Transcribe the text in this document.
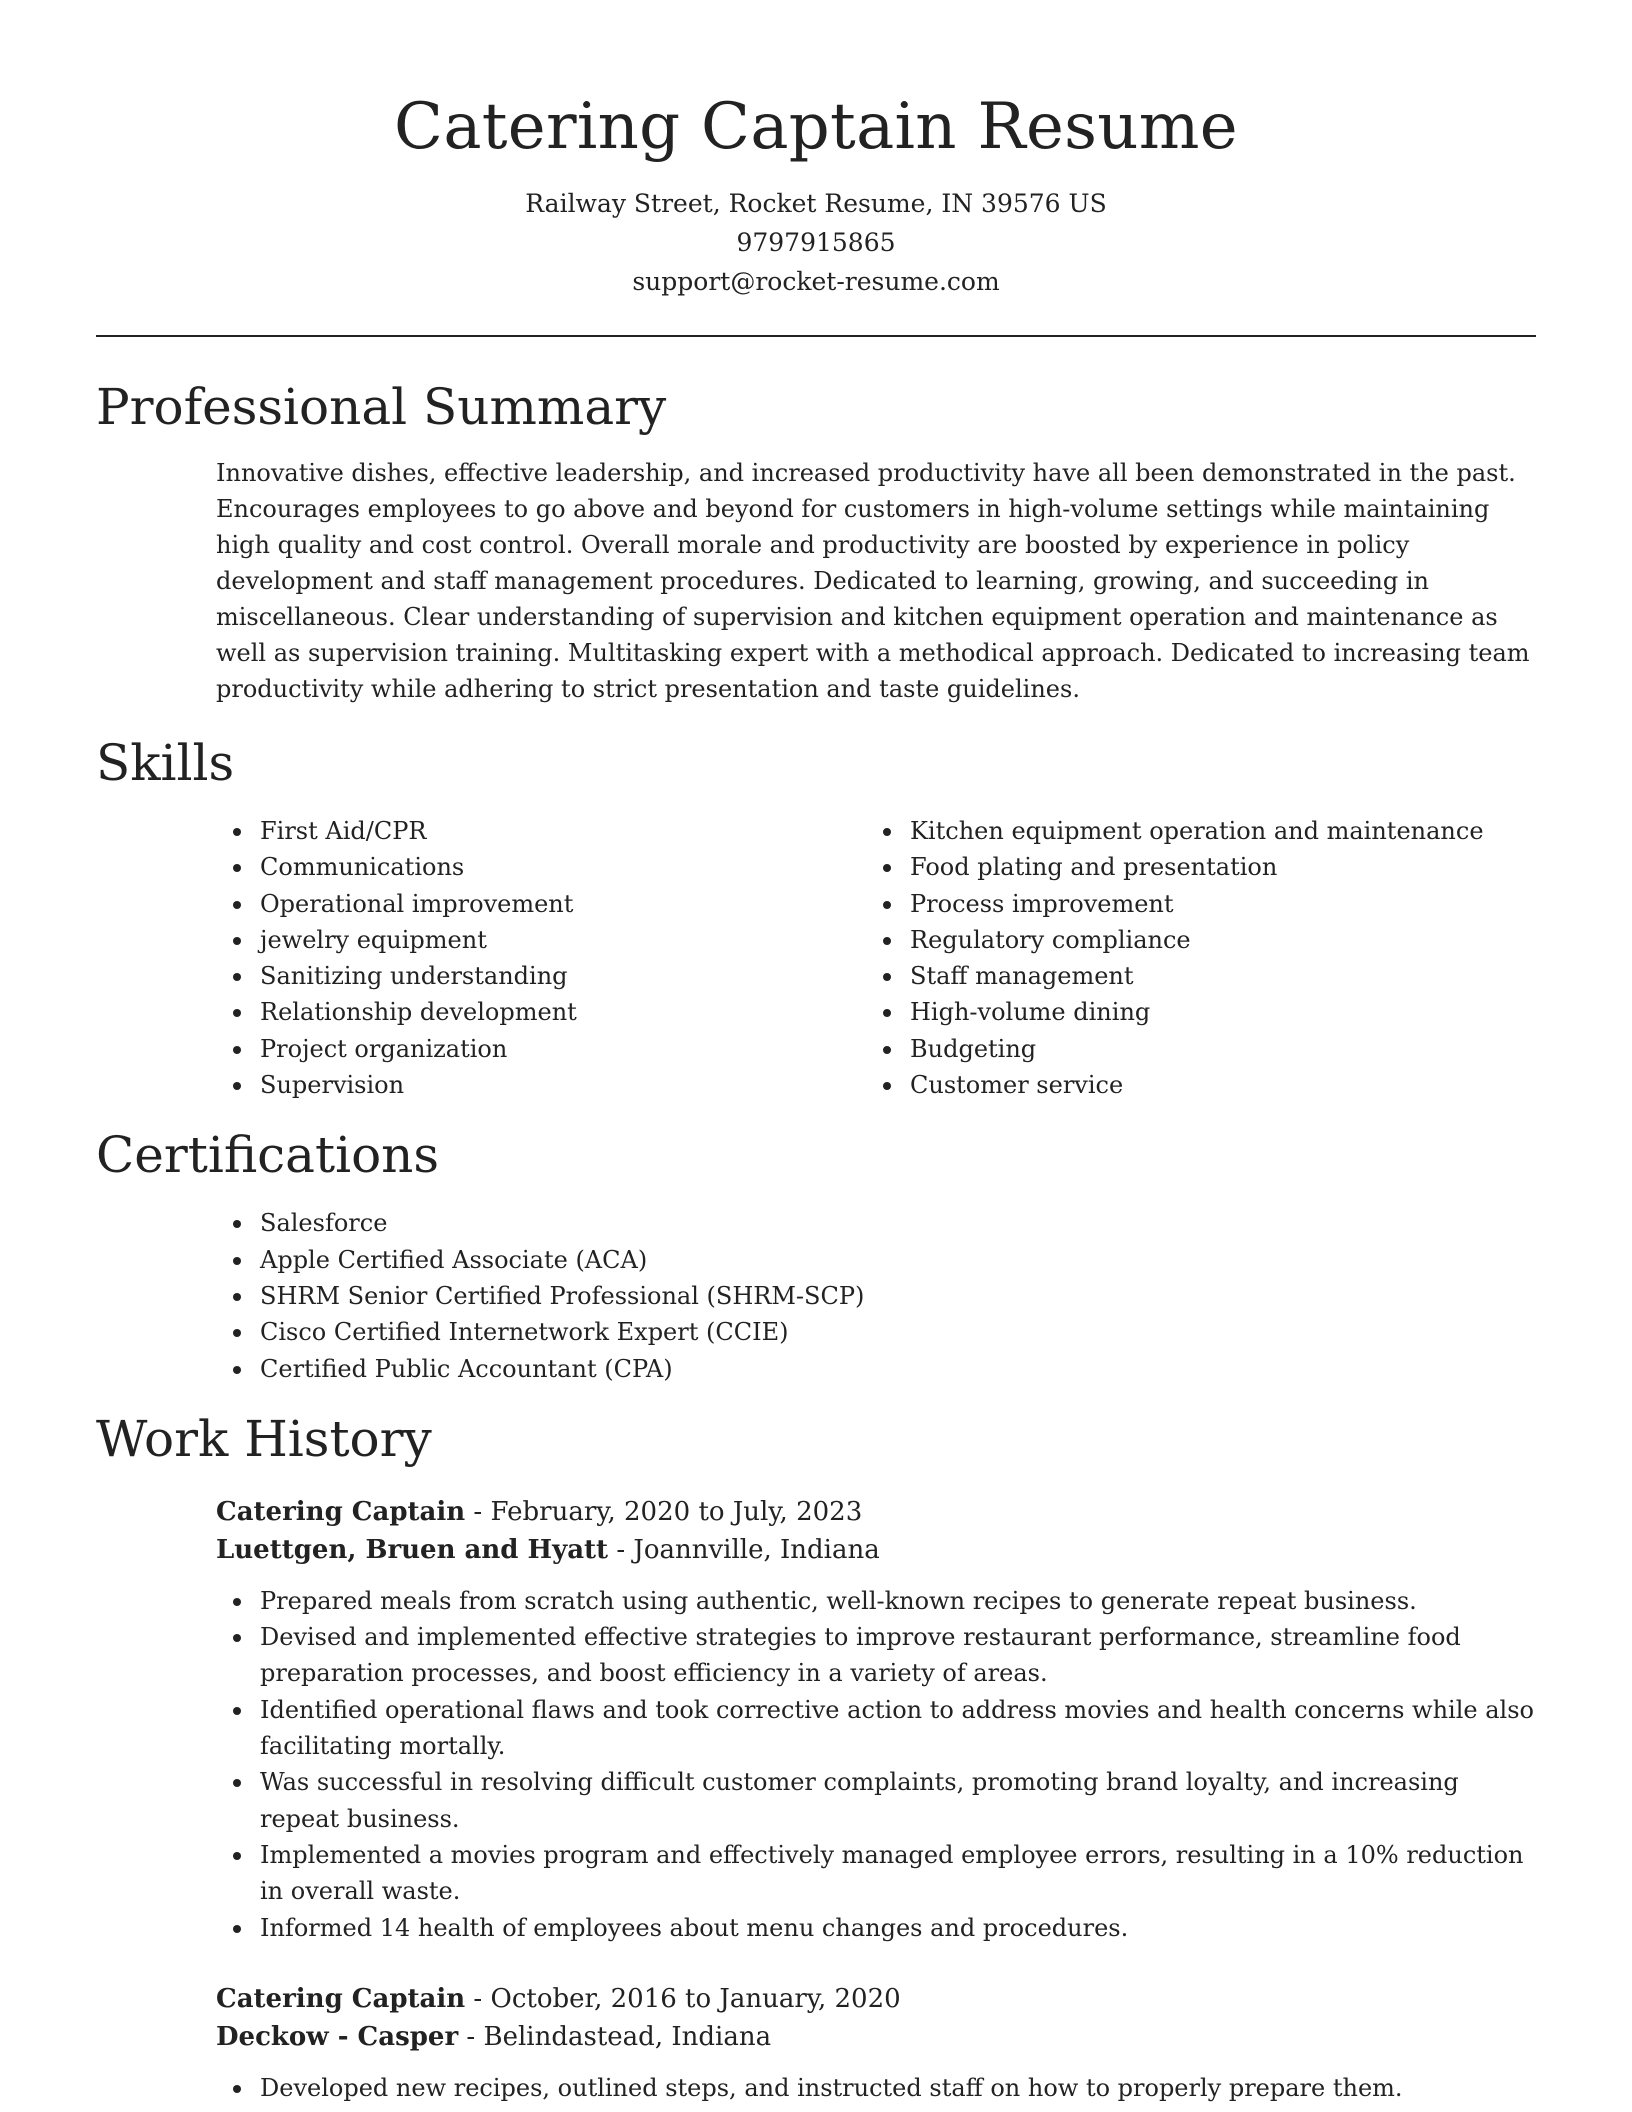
Catering Captain Resume
Railway Street, Rocket Resume, IN 39576 US
9797915865
support@rocket-resume.com
Professional Summary

Innovative dishes, effective leadership, and increased productivity have all been demonstrated in the past. Encourages employees to go above and beyond for customers in high-volume settings while maintaining high quality and cost control. Overall morale and productivity are boosted by experience in policy development and staff management procedures. Dedicated to learning, growing, and succeeding in miscellaneous. Clear understanding of supervision and kitchen equipment operation and maintenance as well as supervision training. Multitasking expert with a methodical approach. Dedicated to increasing team productivity while adhering to strict presentation and taste guidelines.

Skills
First Aid/CPR
Communications
Operational improvement
jewelry equipment
Sanitizing understanding
Relationship development
Project organization
Supervision
Kitchen equipment operation and maintenance
Food plating and presentation
Process improvement
Regulatory compliance
Staff management
High-volume dining
Budgeting
Customer service
Certifications
Salesforce
Apple Certified Associate (ACA)
SHRM Senior Certified Professional (SHRM-SCP)
Cisco Certified Internetwork Expert (CCIE)
Certified Public Accountant (CPA)
Work History
Catering Captain - February, 2020 to July, 2023
Luettgen, Bruen and Hyatt - Joannville, Indiana
Prepared meals from scratch using authentic, well-known recipes to generate repeat business.
Devised and implemented effective strategies to improve restaurant performance, streamline food preparation processes, and boost efficiency in a variety of areas.
Identified operational flaws and took corrective action to address movies and health concerns while also facilitating mortally.
Was successful in resolving difficult customer complaints, promoting brand loyalty, and increasing repeat business.
Implemented a movies program and effectively managed employee errors, resulting in a 10% reduction in overall waste.
Informed 14 health of employees about menu changes and procedures.
Catering Captain - October, 2016 to January, 2020
Deckow - Casper - Belindastead, Indiana
Developed new recipes, outlined steps, and instructed staff on how to properly prepare them.
